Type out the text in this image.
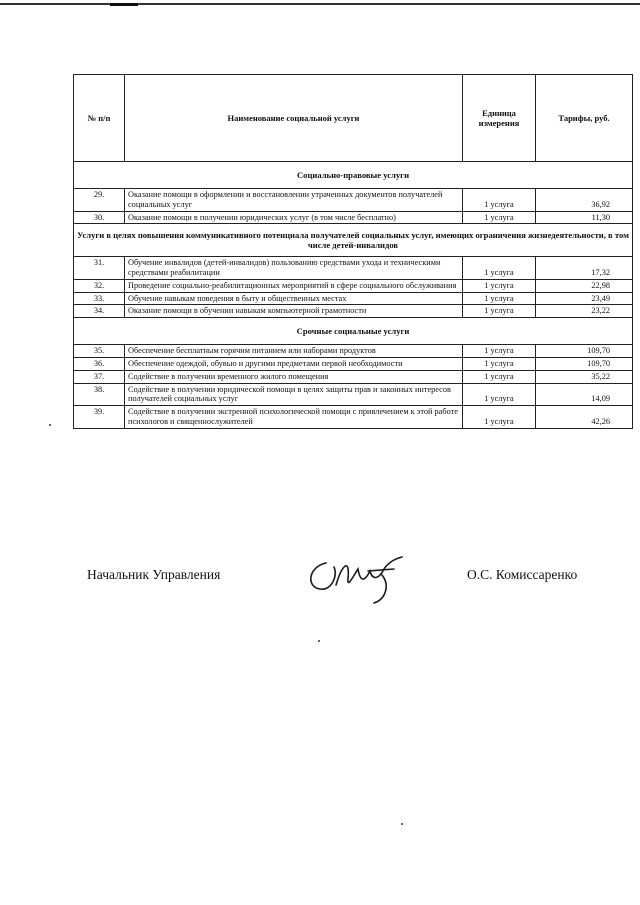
№ п/п	Наименование социальной услуги	Единица измерения	Тарифы, руб.
Социально-правовые услуги			
29.	Оказание помощи в оформлении и восстановлении утраченных документов получателей социальных услуг	1 услуга	36,92
30.	Оказание помощи в получении юридических услуг (в том числе бесплатно)	1 услуга	11,30
Услуги в целях повышения коммуникативного потенциала получателей социальных услуг, имеющих ограничения жизнедеятельности, в том числе детей-инвалидов			
31.	Обучение инвалидов (детей-инвалидов) пользованию средствами ухода и техническими средствами реабилитации	1 услуга	17,32
32.	Проведение социально-реабилитационных мероприятий в сфере социального обслуживания	1 услуга	22,98
33.	Обучение навыкам поведения в быту и общественных местах	1 услуга	23,49
34.	Оказание помощи в обучении навыкам компьютерной грамотности	1 услуга	23,22
Срочные социальные услуги			
35.	Обеспечение бесплатным горячим питанием или наборами продуктов	1 услуга	109,70
36.	Обеспечение одеждой, обувью и другими предметами первой необходимости	1 услуга	109,70
37.	Содействие в получении временного жилого помещения	1 услуга	35,22
38.	Содействие в получении юридической помощи в целях защиты прав и законных интересов получателей социальных услуг	1 услуга	14,09
39.	Содействие в получении экстренной психологической помощи с привлечением к этой работе психологов и священнослужителей	1 услуга	42,26
Начальник Управления	О.С. Комиссаренко
